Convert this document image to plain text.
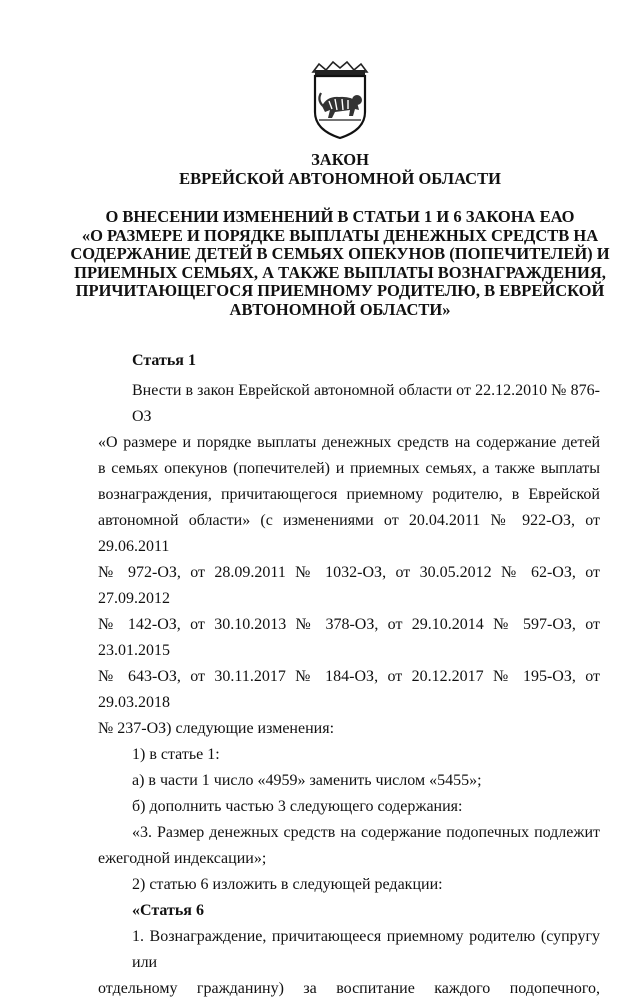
ЗАКОН
ЕВРЕЙСКОЙ АВТОНОМНОЙ ОБЛАСТИ
О ВНЕСЕНИИ ИЗМЕНЕНИЙ В СТАТЬИ 1 И 6 ЗАКОНА ЕАО
«О РАЗМЕРЕ И ПОРЯДКЕ ВЫПЛАТЫ ДЕНЕЖНЫХ СРЕДСТВ НА
СОДЕРЖАНИЕ ДЕТЕЙ В СЕМЬЯХ ОПЕКУНОВ (ПОПЕЧИТЕЛЕЙ) И
ПРИЕМНЫХ СЕМЬЯХ, А ТАКЖЕ ВЫПЛАТЫ ВОЗНАГРАЖДЕНИЯ,
ПРИЧИТАЮЩЕГОСЯ ПРИЕМНОМУ РОДИТЕЛЮ, В ЕВРЕЙСКОЙ
АВТОНОМНОЙ ОБЛАСТИ»
Статья 1
Внести в закон Еврейской автономной области от 22.12.2010 № 876-ОЗ
«О размере и порядке выплаты денежных средств на содержание детей
в семьях опекунов (попечителей) и приемных семьях, а также выплаты
вознаграждения, причитающегося приемному родителю, в Еврейской
автономной области» (с изменениями от 20.04.2011 № 922-ОЗ, от 29.06.2011
№ 972-ОЗ, от 28.09.2011 № 1032-ОЗ, от 30.05.2012 № 62-ОЗ, от 27.09.2012
№ 142-ОЗ, от 30.10.2013 № 378-ОЗ, от 29.10.2014 № 597-ОЗ, от 23.01.2015
№ 643-ОЗ, от 30.11.2017 № 184-ОЗ, от 20.12.2017 № 195-ОЗ, от 29.03.2018
№ 237-ОЗ) следующие изменения:
1) в статье 1:
а) в части 1 число «4959» заменить числом «5455»;
б) дополнить частью 3 следующего содержания:
«3. Размер денежных средств на содержание подопечных подлежит
ежегодной индексации»;
2) статью 6 изложить в следующей редакции:
«Статья 6
1. Вознаграждение, причитающееся приемному родителю (супругу или
отдельному гражданину) за воспитание каждого подопечного,
